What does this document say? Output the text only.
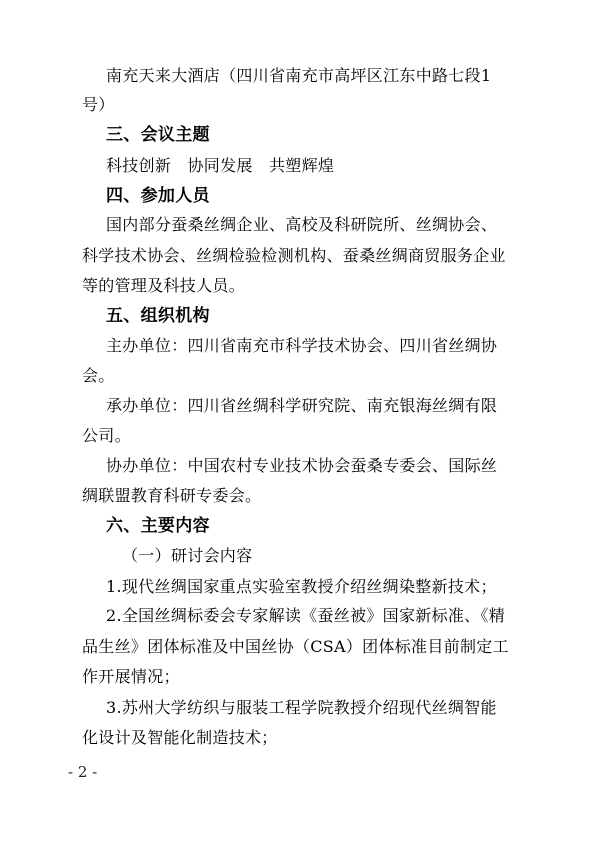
南充天来大酒店（四川省南充市高坪区江东中路七段1
号）
三、会议主题
科技创新　协同发展　共塑辉煌
四、参加人员
国内部分蚕桑丝绸企业、高校及科研院所、丝绸协会、
科学技术协会、丝绸检验检测机构、蚕桑丝绸商贸服务企业
等的管理及科技人员。
五、组织机构
主办单位：四川省南充市科学技术协会、四川省丝绸协
会。
承办单位：四川省丝绸科学研究院、南充银海丝绸有限
公司。
协办单位：中国农村专业技术协会蚕桑专委会、国际丝
绸联盟教育科研专委会。
六、主要内容
（一）研讨会内容
1.现代丝绸国家重点实验室教授介绍丝绸染整新技术；
2.全国丝绸标委会专家解读《蚕丝被》国家新标准、《精
品生丝》团体标准及中国丝协（CSA）团体标准目前制定工
作开展情况；
3.苏州大学纺织与服装工程学院教授介绍现代丝绸智能
化设计及智能化制造技术；
- 2 -
